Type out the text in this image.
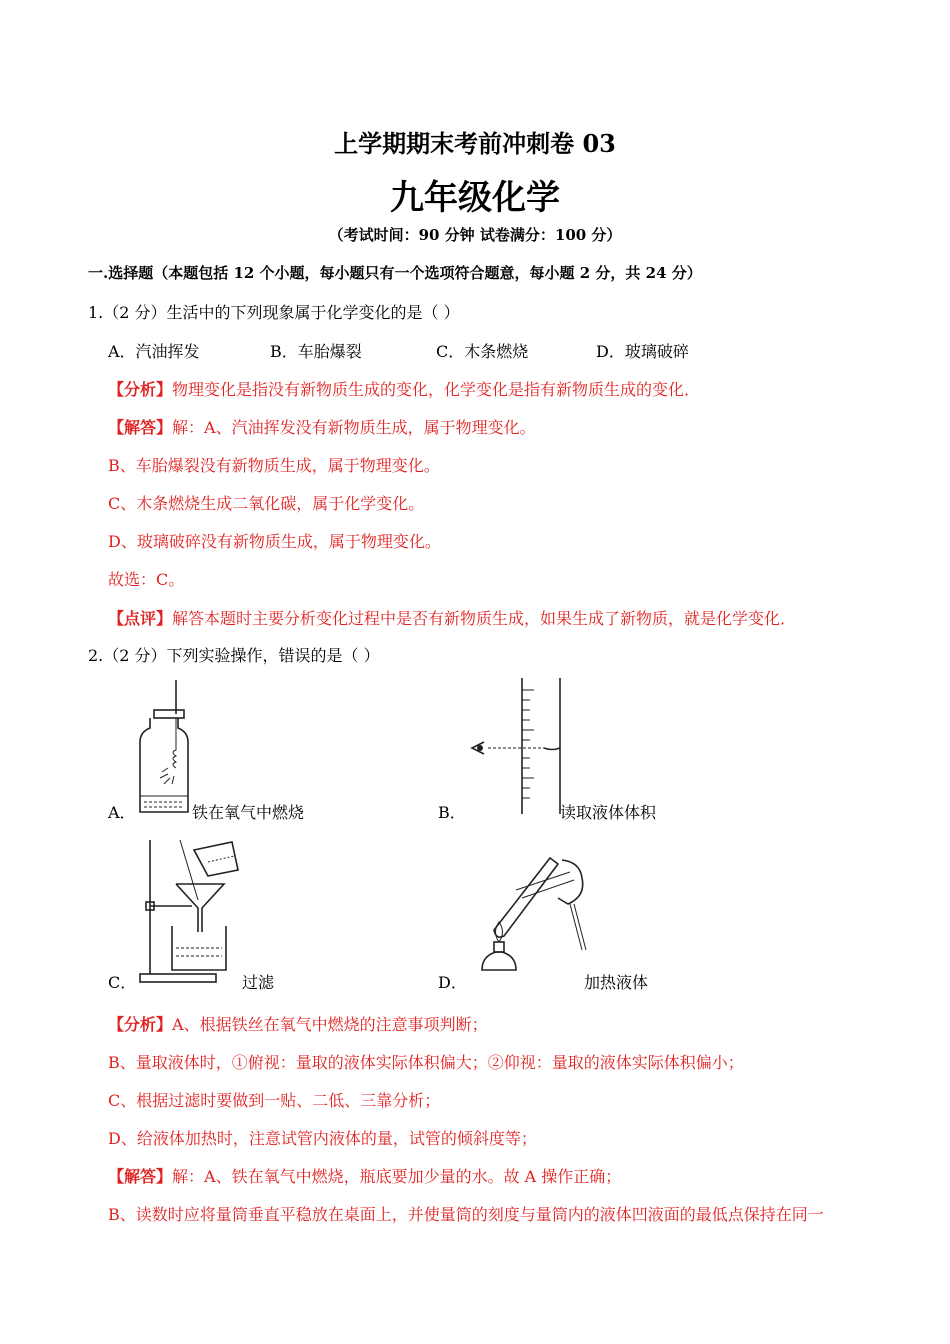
上学期期末考前冲刺卷 03
九年级化学
（考试时间：90 分钟 试卷满分：100 分）
一.选择题（本题包括 12 个小题，每小题只有一个选项符合题意，每小题 2 分，共 24 分）
1.（2 分）生活中的下列现象属于化学变化的是（ ）
A．汽油挥发	B．车胎爆裂	C．木条燃烧	D．玻璃破碎
【分析】物理变化是指没有新物质生成的变化，化学变化是指有新物质生成的变化．
【解答】解：A、汽油挥发没有新物质生成，属于物理变化。
B、车胎爆裂没有新物质生成，属于物理变化。
C、木条燃烧生成二氧化碳，属于化学变化。
D、玻璃破碎没有新物质生成，属于物理变化。
故选：C。
【点评】解答本题时主要分析变化过程中是否有新物质生成，如果生成了新物质，就是化学变化．
2.（2 分）下列实验操作，错误的是（ ）
A．	铁在氧气中燃烧	B．	读取液体体积
C．	过滤	D．	加热液体
【分析】A、根据铁丝在氧气中燃烧的注意事项判断；
B、量取液体时，①俯视：量取的液体实际体积偏大；②仰视：量取的液体实际体积偏小；
C、根据过滤时要做到一贴、二低、三靠分析；
D、给液体加热时，注意试管内液体的量，试管的倾斜度等；
【解答】解：A、铁在氧气中燃烧，瓶底要加少量的水。故 A 操作正确；
B、读数时应将量筒垂直平稳放在桌面上，并使量筒的刻度与量筒内的液体凹液面的最低点保持在同一
